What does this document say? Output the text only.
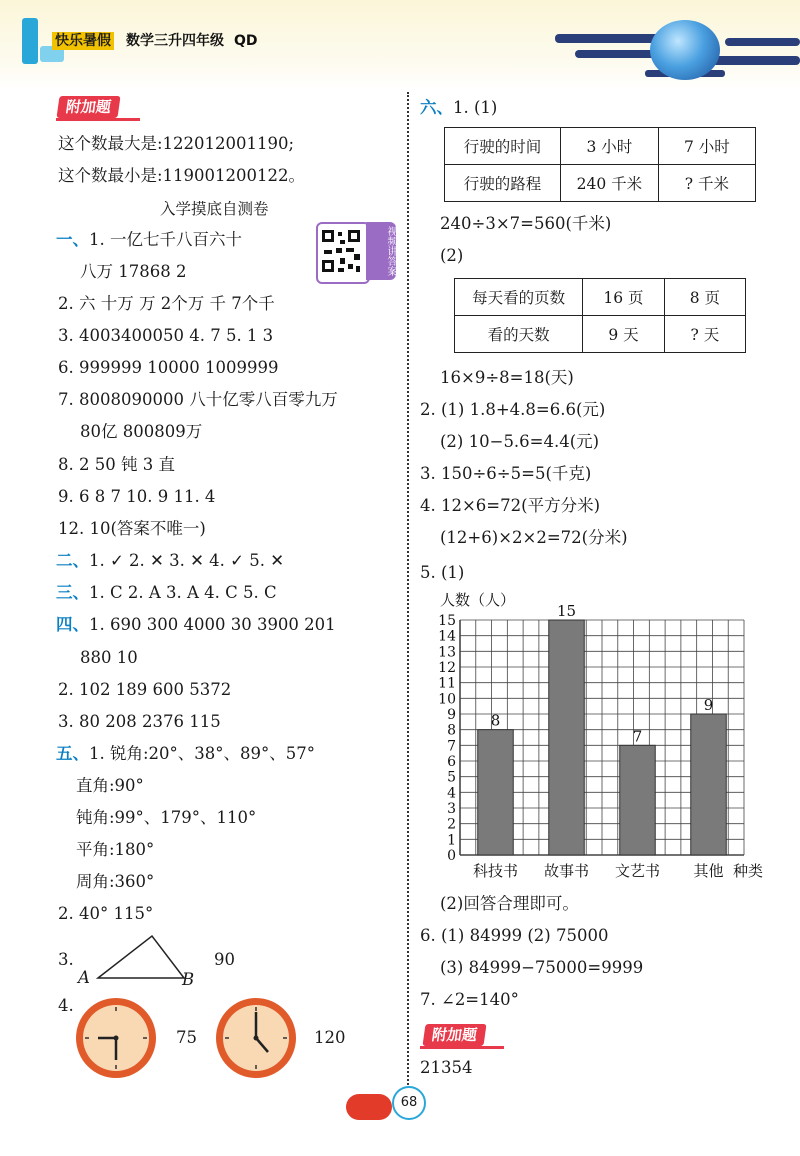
快乐暑假 数学三升四年级 QD
附加题
这个数最大是:122012001190;
这个数最小是:119001200122。
入学摸底自测卷
视频讲答案
一、1. 一亿七千八百六十
八万 17868 2
2. 六 十万 万 2个万 千 7个千
3. 4003400050 4. 7 5. 1 3
6. 999999 10000 1009999
7. 8008090000 八十亿零八百零九万
80亿 800809万
8. 2 50 钝 3 直
9. 6 8 7 10. 9 11. 4
12. 10(答案不唯一)
二、1. ✓ 2. ✕ 3. ✕ 4. ✓ 5. ✕
三、1. C 2. A 3. A 4. C 5. C
四、1. 690 300 4000 30 3900 201
880 10
2. 102 189 600 5372
3. 80 208 2376 115
五、1. 锐角:20°、38°、89°、57°
直角:90°
钝角:99°、179°、110°
平角:180°
周角:360°
2. 40° 115°
3.
A	B
90
4.
75	120
六、1. (1)
行驶的时间	3 小时	7 小时
行驶的路程	240 千米	? 千米
240÷3×7=560(千米)
(2)
每天看的页数	16 页	8 页
看的天数	9 天	? 天
16×9÷8=18(天)
2. (1) 1.8+4.8=6.6(元)
(2) 10−5.6=4.4(元)
3. 150÷6÷5=5(千克)
4. 12×6=72(平方分米)
(12+6)×2×2=72(分米)
5. (1)
人数（人）
0
1
2
3
4
5
6
7
8
9
10
11
12
13
14
15
8
15
7
9
科技书 故事书 文艺书 其他 种类
(2)回答合理即可。
6. (1) 84999 (2) 75000
(3) 84999−75000=9999
7. ∠2=140°
附加题
21354
68
